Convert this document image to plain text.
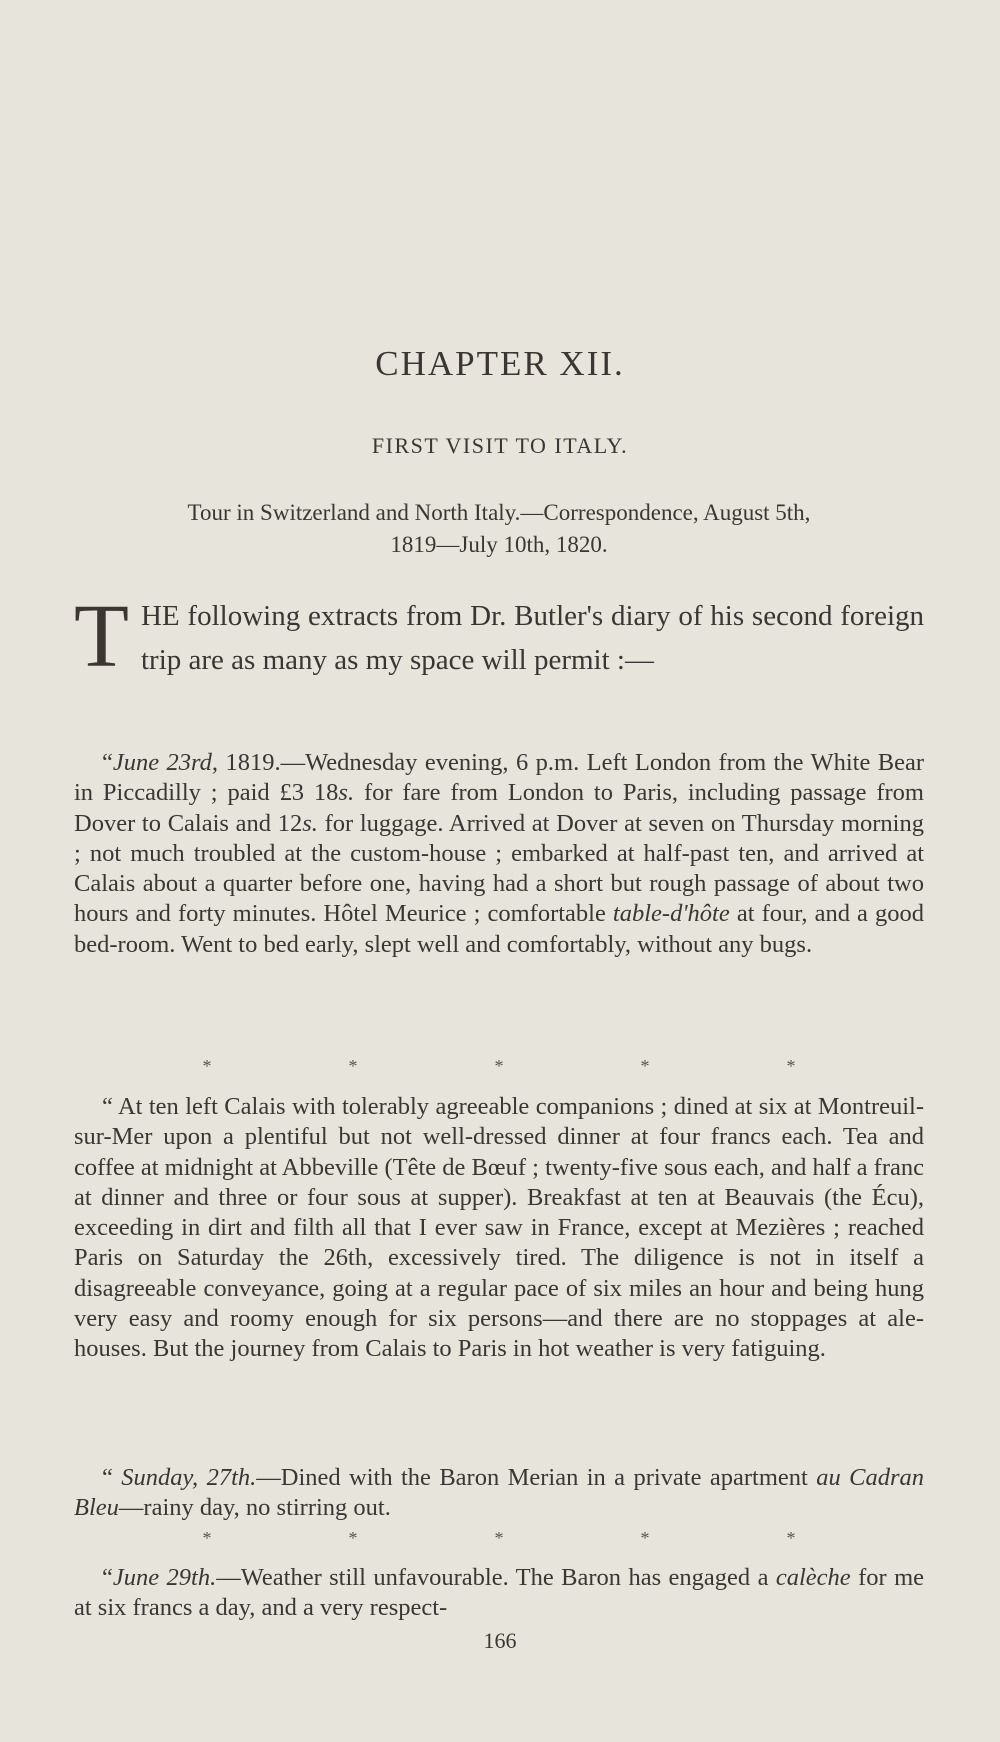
CHAPTER XII.
FIRST VISIT TO ITALY.
Tour in Switzerland and North Italy.—Correspondence, August 5th,
1819—July 10th, 1820.
THE following extracts from Dr. Butler's diary of his second foreign trip are as many as my space will permit :—
“June 23rd, 1819.—Wednesday evening, 6 p.m. Left London from the White Bear in Piccadilly ; paid £3 18s. for fare from London to Paris, including passage from Dover to Calais and 12s. for luggage. Arrived at Dover at seven on Thursday morning ; not much troubled at the custom-house ; embarked at half-past ten, and arrived at Calais about a quarter before one, having had a short but rough passage of about two hours and forty minutes. Hôtel Meurice ; comfortable table-d'hôte at four, and a good bed-room. Went to bed early, slept well and comfortably, without any bugs.
*	*	*	*	*
“ At ten left Calais with tolerably agreeable companions ; dined at six at Montreuil-sur-Mer upon a plentiful but not well-dressed dinner at four francs each. Tea and coffee at midnight at Abbeville (Tête de Bœuf ; twenty-five sous each, and half a franc at dinner and three or four sous at supper). Breakfast at ten at Beauvais (the Écu), exceeding in dirt and filth all that I ever saw in France, except at Mezières ; reached Paris on Saturday the 26th, excessively tired. The diligence is not in itself a disagreeable conveyance, going at a regular pace of six miles an hour and being hung very easy and roomy enough for six persons—and there are no stoppages at ale-houses. But the journey from Calais to Paris in hot weather is very fatiguing.
“ Sunday, 27th.—Dined with the Baron Merian in a private apartment au Cadran Bleu—rainy day, no stirring out.
*	*	*	*	*
“June 29th.—Weather still unfavourable. The Baron has engaged a calèche for me at six francs a day, and a very respect-
166
